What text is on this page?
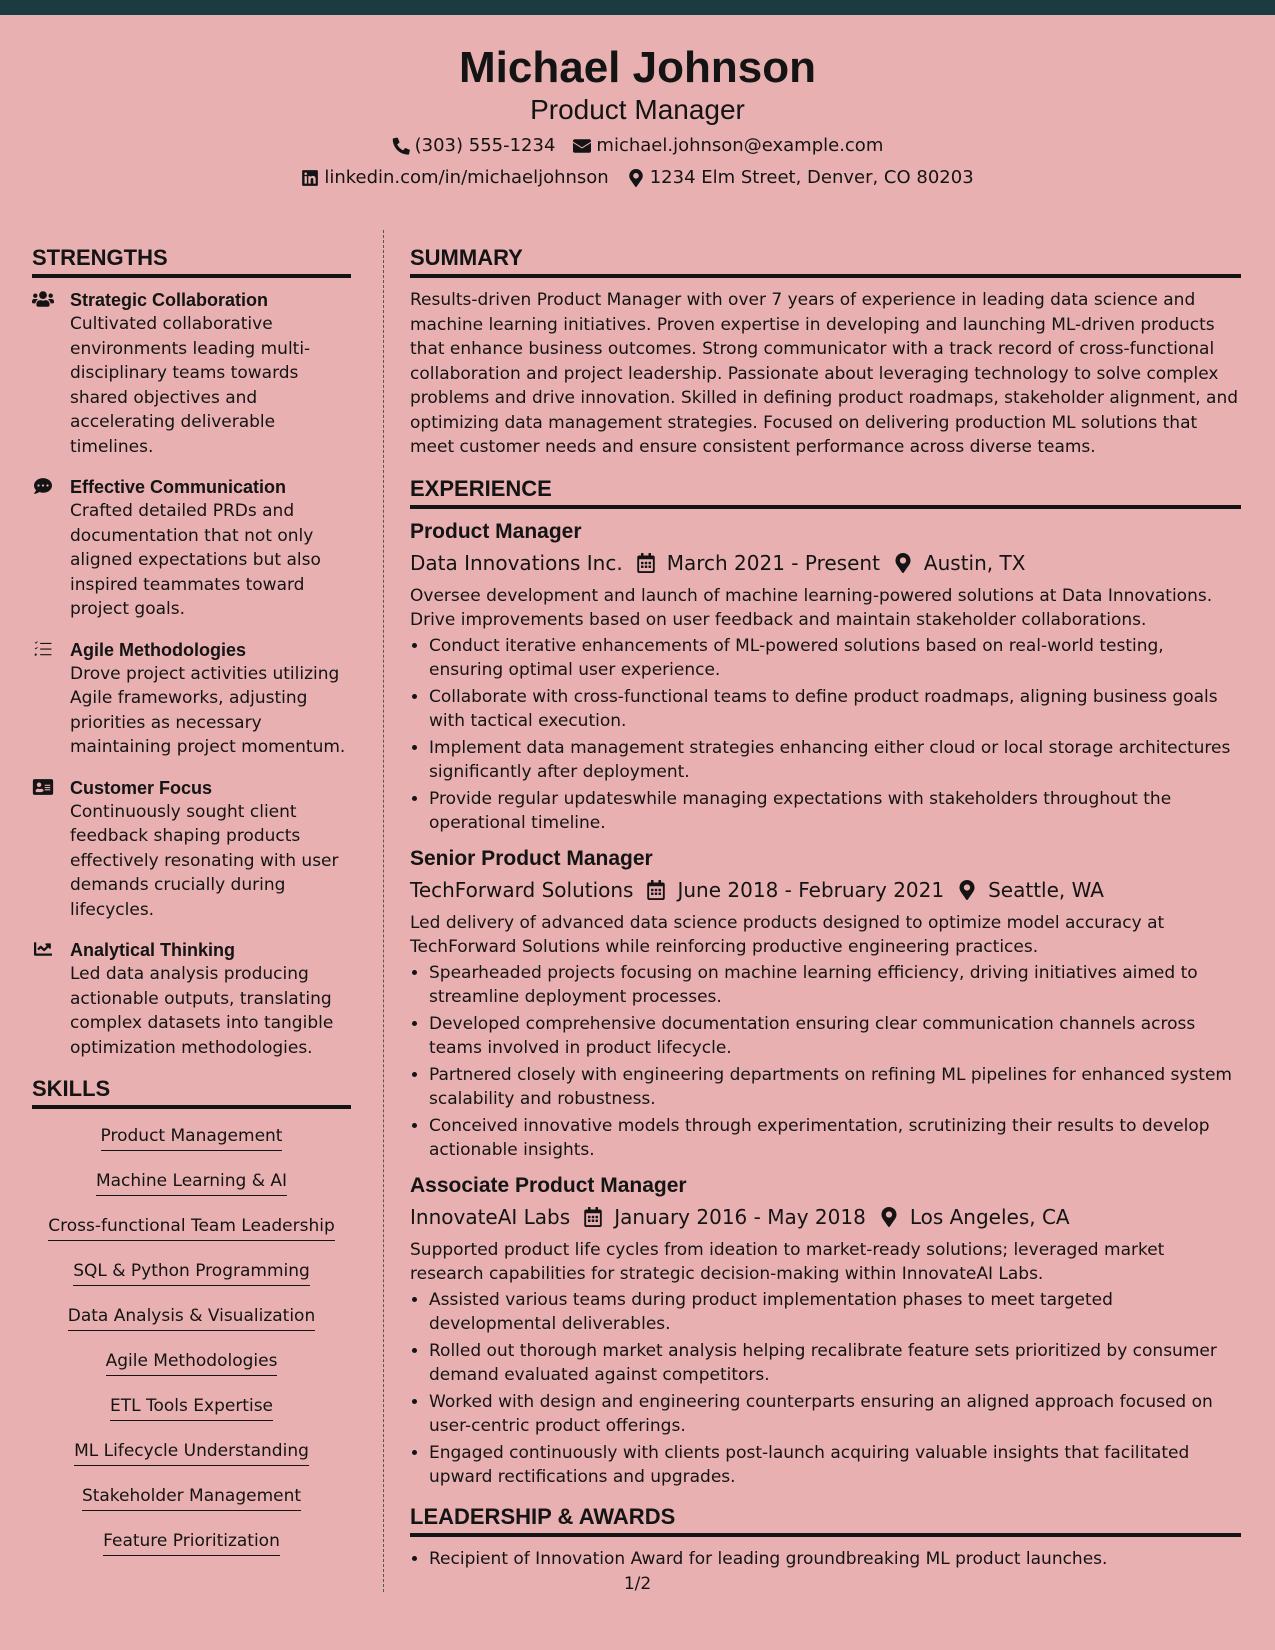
Michael Johnson
Product Manager
(303) 555-1234 michael.johnson@example.com
linkedin.com/in/michaeljohnson 1234 Elm Street, Denver, CO 80203
STRENGTHS
Strategic Collaboration
Cultivated collaborative environments leading multi-disciplinary teams towards shared objectives and accelerating deliverable timelines.
Effective Communication
Crafted detailed PRDs and documentation that not only aligned expectations but also inspired teammates toward project goals.
Agile Methodologies
Drove project activities utilizing Agile frameworks, adjusting priorities as necessary maintaining project momentum.
Customer Focus
Continuously sought client feedback shaping products effectively resonating with user demands crucially during lifecycles.
Analytical Thinking
Led data analysis producing actionable outputs, translating complex datasets into tangible optimization methodologies.
SKILLS
Product Management
Machine Learning & AI
Cross-functional Team Leadership
SQL & Python Programming
Data Analysis & Visualization
Agile Methodologies
ETL Tools Expertise
ML Lifecycle Understanding
Stakeholder Management
Feature Prioritization
SUMMARY

Results-driven Product Manager with over 7 years of experience in leading data science and machine learning initiatives. Proven expertise in developing and launching ML-driven products that enhance business outcomes. Strong communicator with a track record of cross-functional collaboration and project leadership. Passionate about leveraging technology to solve complex problems and drive innovation. Skilled in defining product roadmaps, stakeholder alignment, and optimizing data management strategies. Focused on delivering production ML solutions that meet customer needs and ensure consistent performance across diverse teams.

EXPERIENCE
Product Manager
Data Innovations Inc. March 2021 - Present Austin, TX

Oversee development and launch of machine learning-powered solutions at Data Innovations. Drive improvements based on user feedback and maintain stakeholder collaborations.

• Conduct iterative enhancements of ML-powered solutions based on real-world testing, ensuring optimal user experience.
• Collaborate with cross-functional teams to define product roadmaps, aligning business goals with tactical execution.
• Implement data management strategies enhancing either cloud or local storage architectures significantly after deployment.
• Provide regular updateswhile managing expectations with stakeholders throughout the operational timeline.
Senior Product Manager
TechForward Solutions June 2018 - February 2021 Seattle, WA

Led delivery of advanced data science products designed to optimize model accuracy at TechForward Solutions while reinforcing productive engineering practices.

• Spearheaded projects focusing on machine learning efficiency, driving initiatives aimed to streamline deployment processes.
• Developed comprehensive documentation ensuring clear communication channels across teams involved in product lifecycle.
• Partnered closely with engineering departments on refining ML pipelines for enhanced system scalability and robustness.
• Conceived innovative models through experimentation, scrutinizing their results to develop actionable insights.
Associate Product Manager
InnovateAI Labs January 2016 - May 2018 Los Angeles, CA

Supported product life cycles from ideation to market-ready solutions; leveraged market research capabilities for strategic decision-making within InnovateAI Labs.

• Assisted various teams during product implementation phases to meet targeted developmental deliverables.
• Rolled out thorough market analysis helping recalibrate feature sets prioritized by consumer demand evaluated against competitors.
• Worked with design and engineering counterparts ensuring an aligned approach focused on user-centric product offerings.
• Engaged continuously with clients post-launch acquiring valuable insights that facilitated upward rectifications and upgrades.
LEADERSHIP & AWARDS
• Recipient of Innovation Award for leading groundbreaking ML product launches.
1/2
